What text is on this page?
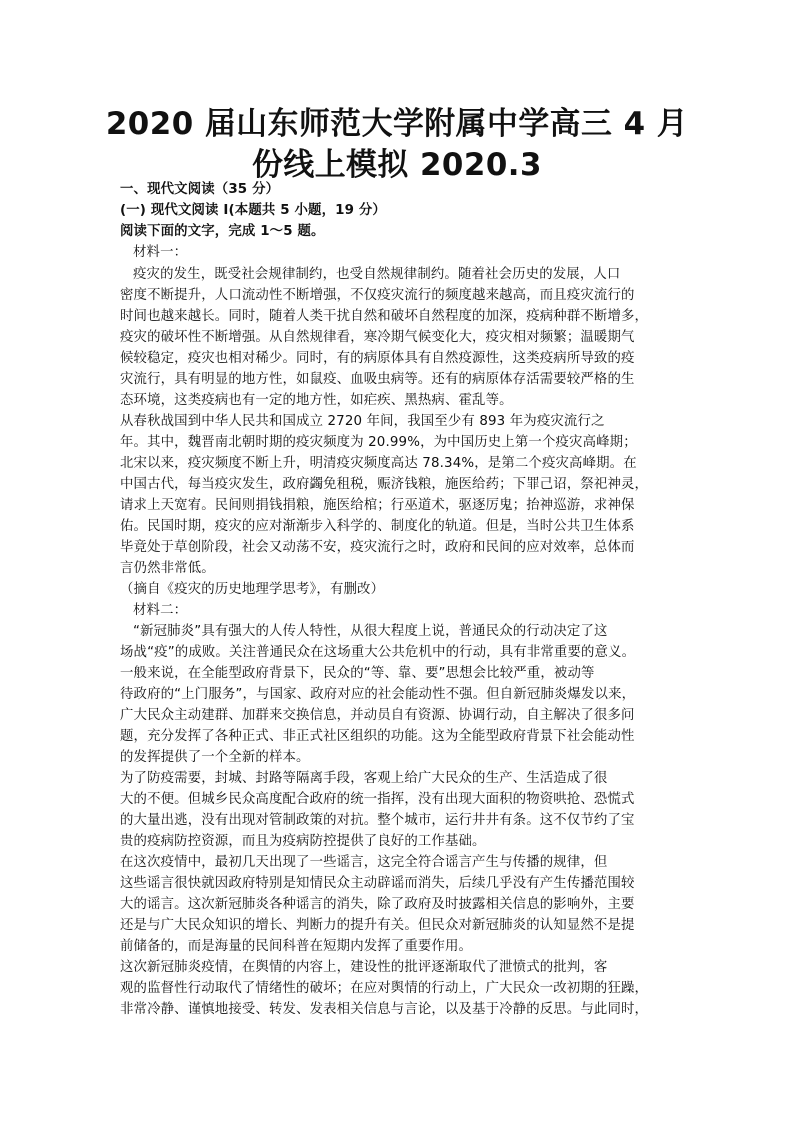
2020 届山东师范大学附属中学高三 4 月
份线上模拟 2020.3
一、现代文阅读（35 分）
(一) 现代文阅读 I(本题共 5 小题，19 分）
阅读下面的文字，完成 1～5 题。
材料一：
疫灾的发生，既受社会规律制约，也受自然规律制约。随着社会历史的发展，人口
密度不断提升，人口流动性不断增强，不仅疫灾流行的频度越来越高，而且疫灾流行的
时间也越来越长。同时，随着人类干扰自然和破坏自然程度的加深，疫病种群不断增多，
疫灾的破坏性不断增强。从自然规律看，寒冷期气候变化大，疫灾相对频繁；温暖期气
候较稳定，疫灾也相对稀少。同时，有的病原体具有自然疫源性，这类疫病所导致的疫
灾流行，具有明显的地方性，如鼠疫、血吸虫病等。还有的病原体存活需要较严格的生
态环境，这类疫病也有一定的地方性，如疟疾、黑热病、霍乱等。
从春秋战国到中华人民共和国成立 2720 年间，我国至少有 893 年为疫灾流行之
年。其中，魏晋南北朝时期的疫灾频度为 20.99%，为中国历史上第一个疫灾高峰期；
北宋以来，疫灾频度不断上升，明清疫灾频度高达 78.34%，是第二个疫灾高峰期。在
中国古代，每当疫灾发生，政府蠲免租税，赈济钱粮，施医给药；下罪己诏，祭祀神灵，
请求上天宽宥。民间则捐钱捐粮，施医给棺；行巫道术，驱逐厉鬼；抬神巡游，求神保
佑。民国时期，疫灾的应对渐渐步入科学的、制度化的轨道。但是，当时公共卫生体系
毕竟处于草创阶段，社会又动荡不安，疫灾流行之时，政府和民间的应对效率，总体而
言仍然非常低。
（摘自《疫灾的历史地理学思考》，有删改）
材料二：
“新冠肺炎”具有强大的人传人特性，从很大程度上说，普通民众的行动决定了这
场战“疫”的成败。关注普通民众在这场重大公共危机中的行动，具有非常重要的意义。
一般来说，在全能型政府背景下，民众的“等、靠、要”思想会比较严重，被动等
待政府的“上门服务”，与国家、政府对应的社会能动性不强。但自新冠肺炎爆发以来，
广大民众主动建群、加群来交换信息，并动员自有资源、协调行动，自主解决了很多问
题，充分发挥了各种正式、非正式社区组织的功能。这为全能型政府背景下社会能动性
的发挥提供了一个全新的样本。
为了防疫需要，封城、封路等隔离手段，客观上给广大民众的生产、生活造成了很
大的不便。但城乡民众高度配合政府的统一指挥，没有出现大面积的物资哄抢、恐慌式
的大量出逃，没有出现对管制政策的对抗。整个城市，运行井井有条。这不仅节约了宝
贵的疫病防控资源，而且为疫病防控提供了良好的工作基础。
在这次疫情中，最初几天出现了一些谣言，这完全符合谣言产生与传播的规律，但
这些谣言很快就因政府特别是知情民众主动辟谣而消失，后续几乎没有产生传播范围较
大的谣言。这次新冠肺炎各种谣言的消失，除了政府及时披露相关信息的影响外，主要
还是与广大民众知识的增长、判断力的提升有关。但民众对新冠肺炎的认知显然不是提
前储备的，而是海量的民间科普在短期内发挥了重要作用。
这次新冠肺炎疫情，在舆情的内容上，建设性的批评逐渐取代了泄愤式的批判，客
观的监督性行动取代了情绪性的破坏；在应对舆情的行动上，广大民众一改初期的狂躁，
非常冷静、谨慎地接受、转发、发表相关信息与言论，以及基于冷静的反思。与此同时，
